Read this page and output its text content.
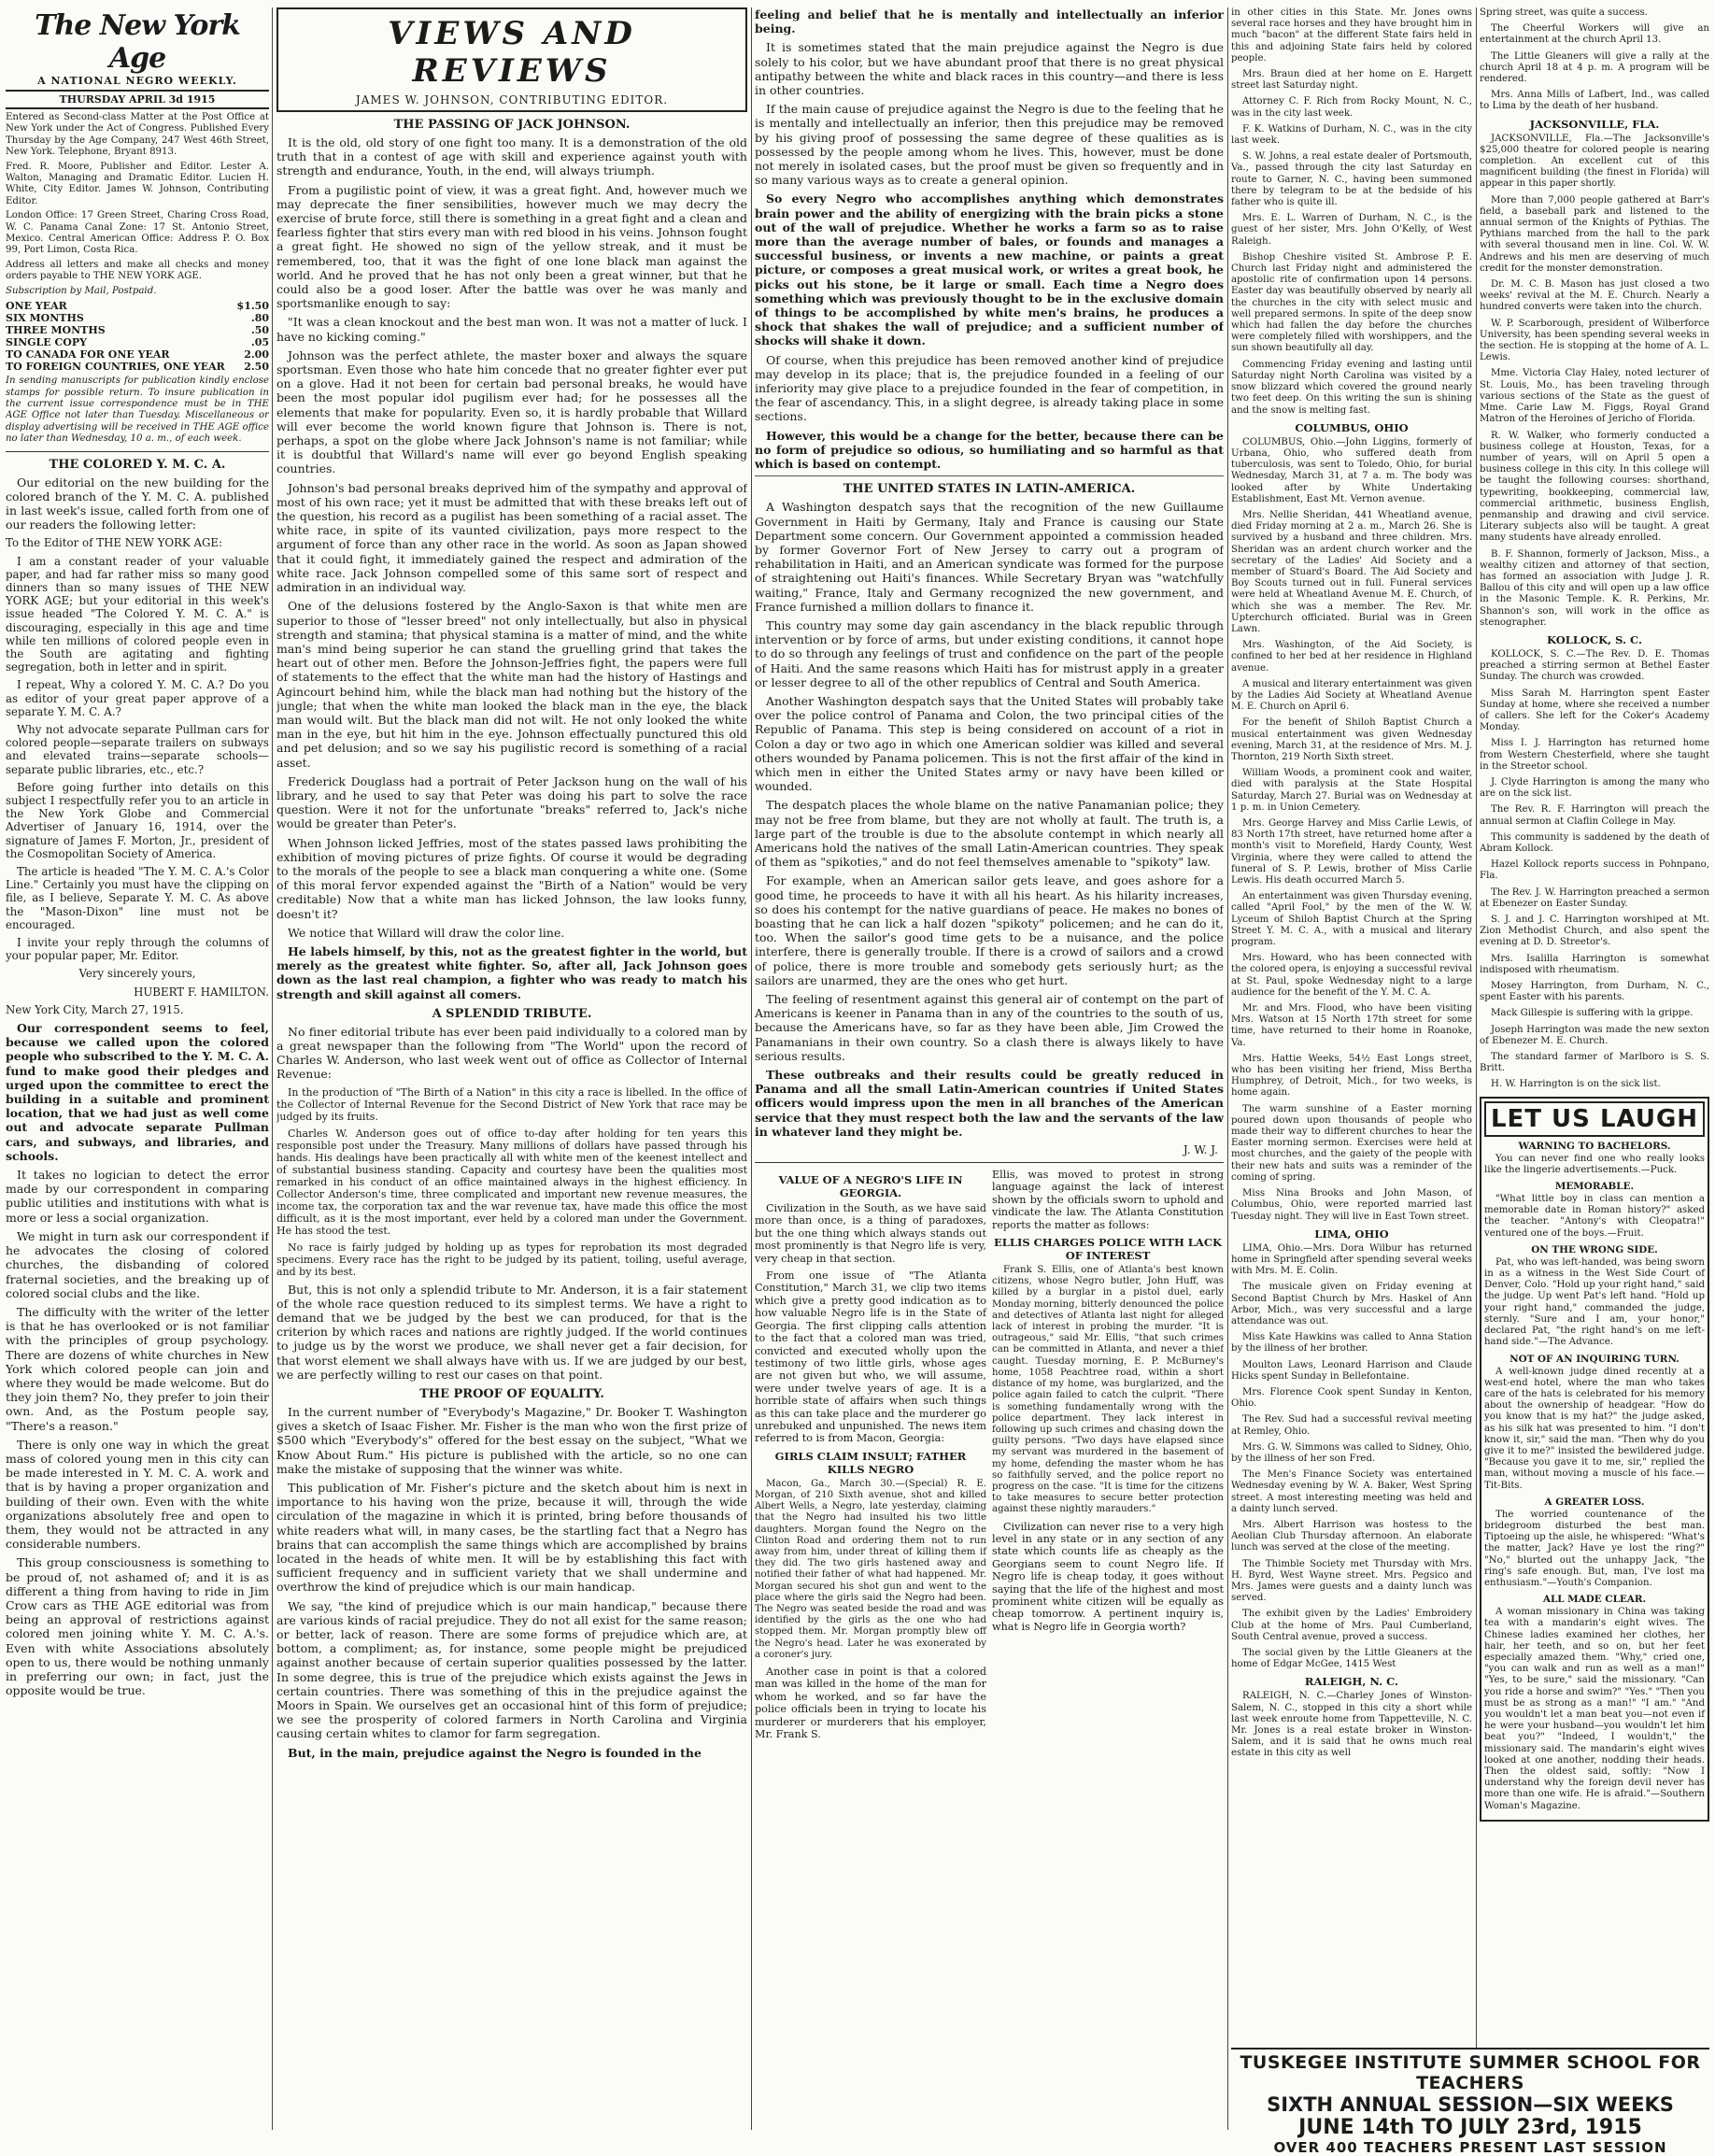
The New York Age
A NATIONAL NEGRO WEEKLY.
THURSDAY APRIL 3d 1915
Entered as Second-class Matter at the Post Office at New York under the Act of Congress. Published Every Thursday by the Age Company, 247 West 46th Street, New York. Telephone, Bryant 8913.
Fred. R. Moore, Publisher and Editor. Lester A. Walton, Managing and Dramatic Editor. Lucien H. White, City Editor. James W. Johnson, Contributing Editor.
London Office: 17 Green Street, Charing Cross Road, W. C. Panama Canal Zone: 17 St. Antonio Street, Mexico. Central American Office: Address P. O. Box 99, Port Limon, Costa Rica.
Address all letters and make all checks and money orders payable to THE NEW YORK AGE.
Subscription by Mail, Postpaid.
ONE YEAR	$1.50
SIX MONTHS	.80
THREE MONTHS	.50
SINGLE COPY	.05
TO CANADA FOR ONE YEAR	2.00
TO FOREIGN COUNTRIES, ONE YEAR	2.50
In sending manuscripts for publication kindly enclose stamps for possible return. To insure publication in the current issue correspondence must be in THE AGE Office not later than Tuesday. Miscellaneous or display advertising will be received in THE AGE office no later than Wednesday, 10 a. m., of each week.
THE COLORED Y. M. C. A.

Our editorial on the new building for the colored branch of the Y. M. C. A. published in last week's issue, called forth from one of our readers the following letter:

To the Editor of THE NEW YORK AGE:

I am a constant reader of your valuable paper, and had far rather miss so many good dinners than so many issues of THE NEW YORK AGE; but your editorial in this week's issue headed "The Colored Y. M. C. A." is discouraging, especially in this age and time while ten millions of colored people even in the South are agitating and fighting segregation, both in letter and in spirit.

I repeat, Why a colored Y. M. C. A.? Do you as editor of your great paper approve of a separate Y. M. C. A.?

Why not advocate separate Pullman cars for colored people—separate trailers on subways and elevated trains—separate schools—separate public libraries, etc., etc.?

Before going further into details on this subject I respectfully refer you to an article in the New York Globe and Commercial Advertiser of January 16, 1914, over the signature of James F. Morton, Jr., president of the Cosmopolitan Society of America.

The article is headed "The Y. M. C. A.'s Color Line." Certainly you must have the clipping on file, as I believe, Separate Y. M. C. As above the "Mason-Dixon" line must not be encouraged.

I invite your reply through the columns of your popular paper, Mr. Editor.

Very sincerely yours,

HUBERT F. HAMILTON.

New York City, March 27, 1915.

Our correspondent seems to feel, because we called upon the colored people who subscribed to the Y. M. C. A. fund to make good their pledges and urged upon the committee to erect the building in a suitable and prominent location, that we had just as well come out and advocate separate Pullman cars, and subways, and libraries, and schools.

It takes no logician to detect the error made by our correspondent in comparing public utilities and institutions with what is more or less a social organization.

We might in turn ask our correspondent if he advocates the closing of colored churches, the disbanding of colored fraternal societies, and the breaking up of colored social clubs and the like.

The difficulty with the writer of the letter is that he has overlooked or is not familiar with the principles of group psychology. There are dozens of white churches in New York which colored people can join and where they would be made welcome. But do they join them? No, they prefer to join their own. And, as the Postum people say, "There's a reason."

There is only one way in which the great mass of colored young men in this city can be made interested in Y. M. C. A. work and that is by having a proper organization and building of their own. Even with the white organizations absolutely free and open to them, they would not be attracted in any considerable numbers.

This group consciousness is something to be proud of, not ashamed of; and it is as different a thing from having to ride in Jim Crow cars as THE AGE editorial was from being an approval of restrictions against colored men joining white Y. M. C. A.'s. Even with white Associations absolutely open to us, there would be nothing unmanly in preferring our own; in fact, just the opposite would be true.

VIEWS AND REVIEWS
JAMES W. JOHNSON, CONTRIBUTING EDITOR.
THE PASSING OF JACK JOHNSON.

It is the old, old story of one fight too many. It is a demonstration of the old truth that in a contest of age with skill and experience against youth with strength and endurance, Youth, in the end, will always triumph.

From a pugilistic point of view, it was a great fight. And, however much we may deprecate the finer sensibilities, however much we may decry the exercise of brute force, still there is something in a great fight and a clean and fearless fighter that stirs every man with red blood in his veins. Johnson fought a great fight. He showed no sign of the yellow streak, and it must be remembered, too, that it was the fight of one lone black man against the world. And he proved that he has not only been a great winner, but that he could also be a good loser. After the battle was over he was manly and sportsmanlike enough to say:

"It was a clean knockout and the best man won. It was not a matter of luck. I have no kicking coming."

Johnson was the perfect athlete, the master boxer and always the square sportsman. Even those who hate him concede that no greater fighter ever put on a glove. Had it not been for certain bad personal breaks, he would have been the most popular idol pugilism ever had; for he possesses all the elements that make for popularity. Even so, it is hardly probable that Willard will ever become the world known figure that Johnson is. There is not, perhaps, a spot on the globe where Jack Johnson's name is not familiar; while it is doubtful that Willard's name will ever go beyond English speaking countries.

Johnson's bad personal breaks deprived him of the sympathy and approval of most of his own race; yet it must be admitted that with these breaks left out of the question, his record as a pugilist has been something of a racial asset. The white race, in spite of its vaunted civilization, pays more respect to the argument of force than any other race in the world. As soon as Japan showed that it could fight, it immediately gained the respect and admiration of the white race. Jack Johnson compelled some of this same sort of respect and admiration in an individual way.

One of the delusions fostered by the Anglo-Saxon is that white men are superior to those of "lesser breed" not only intellectually, but also in physical strength and stamina; that physical stamina is a matter of mind, and the white man's mind being superior he can stand the gruelling grind that takes the heart out of other men. Before the Johnson-Jeffries fight, the papers were full of statements to the effect that the white man had the history of Hastings and Agincourt behind him, while the black man had nothing but the history of the jungle; that when the white man looked the black man in the eye, the black man would wilt. But the black man did not wilt. He not only looked the white man in the eye, but hit him in the eye. Johnson effectually punctured this old and pet delusion; and so we say his pugilistic record is something of a racial asset.

Frederick Douglass had a portrait of Peter Jackson hung on the wall of his library, and he used to say that Peter was doing his part to solve the race question. Were it not for the unfortunate "breaks" referred to, Jack's niche would be greater than Peter's.

When Johnson licked Jeffries, most of the states passed laws prohibiting the exhibition of moving pictures of prize fights. Of course it would be degrading to the morals of the people to see a black man conquering a white one. (Some of this moral fervor expended against the "Birth of a Nation" would be very creditable) Now that a white man has licked Johnson, the law looks funny, doesn't it?

We notice that Willard will draw the color line.

He labels himself, by this, not as the greatest fighter in the world, but merely as the greatest white fighter. So, after all, Jack Johnson goes down as the last real champion, a fighter who was ready to match his strength and skill against all comers.

A SPLENDID TRIBUTE.

No finer editorial tribute has ever been paid individually to a colored man by a great newspaper than the following from "The World" upon the record of Charles W. Anderson, who last week went out of office as Collector of Internal Revenue:

In the production of "The Birth of a Nation" in this city a race is libelled. In the office of the Collector of Internal Revenue for the Second District of New York that race may be judged by its fruits.

Charles W. Anderson goes out of office to-day after holding for ten years this responsible post under the Treasury. Many millions of dollars have passed through his hands. His dealings have been practically all with white men of the keenest intellect and of substantial business standing. Capacity and courtesy have been the qualities most remarked in his conduct of an office maintained always in the highest efficiency. In Collector Anderson's time, three complicated and important new revenue measures, the income tax, the corporation tax and the war revenue tax, have made this office the most difficult, as it is the most important, ever held by a colored man under the Government. He has stood the test.

No race is fairly judged by holding up as types for reprobation its most degraded specimens. Every race has the right to be judged by its patient, toiling, useful average, and by its best.

But, this is not only a splendid tribute to Mr. Anderson, it is a fair statement of the whole race question reduced to its simplest terms. We have a right to demand that we be judged by the best we can produced, for that is the criterion by which races and nations are rightly judged. If the world continues to judge us by the worst we produce, we shall never get a fair decision, for that worst element we shall always have with us. If we are judged by our best, we are perfectly willing to rest our cases on that point.

THE PROOF OF EQUALITY.

In the current number of "Everybody's Magazine," Dr. Booker T. Washington gives a sketch of Isaac Fisher. Mr. Fisher is the man who won the first prize of $500 which "Everybody's" offered for the best essay on the subject, "What we Know About Rum." His picture is published with the article, so no one can make the mistake of supposing that the winner was white.

This publication of Mr. Fisher's picture and the sketch about him is next in importance to his having won the prize, because it will, through the wide circulation of the magazine in which it is printed, bring before thousands of white readers what will, in many cases, be the startling fact that a Negro has brains that can accomplish the same things which are accomplished by brains located in the heads of white men. It will be by establishing this fact with sufficient frequency and in sufficient variety that we shall undermine and overthrow the kind of prejudice which is our main handicap.

We say, "the kind of prejudice which is our main handicap," because there are various kinds of racial prejudice. They do not all exist for the same reason; or better, lack of reason. There are some forms of prejudice which are, at bottom, a compliment; as, for instance, some people might be prejudiced against another because of certain superior qualities possessed by the latter. In some degree, this is true of the prejudice which exists against the Jews in certain countries. There was something of this in the prejudice against the Moors in Spain. We ourselves get an occasional hint of this form of prejudice; we see the prosperity of colored farmers in North Carolina and Virginia causing certain whites to clamor for farm segregation.

But, in the main, prejudice against the Negro is founded in the

feeling and belief that he is mentally and intellectually an inferior being.

It is sometimes stated that the main prejudice against the Negro is due solely to his color, but we have abundant proof that there is no great physical antipathy between the white and black races in this country—and there is less in other countries.

If the main cause of prejudice against the Negro is due to the feeling that he is mentally and intellectually an inferior, then this prejudice may be removed by his giving proof of possessing the same degree of these qualities as is possessed by the people among whom he lives. This, however, must be done not merely in isolated cases, but the proof must be given so frequently and in so many various ways as to create a general opinion.

So every Negro who accomplishes anything which demonstrates brain power and the ability of energizing with the brain picks a stone out of the wall of prejudice. Whether he works a farm so as to raise more than the average number of bales, or founds and manages a successful business, or invents a new machine, or paints a great picture, or composes a great musical work, or writes a great book, he picks out his stone, be it large or small. Each time a Negro does something which was previously thought to be in the exclusive domain of things to be accomplished by white men's brains, he produces a shock that shakes the wall of prejudice; and a sufficient number of shocks will shake it down.

Of course, when this prejudice has been removed another kind of prejudice may develop in its place; that is, the prejudice founded in a feeling of our inferiority may give place to a prejudice founded in the fear of competition, in the fear of ascendancy. This, in a slight degree, is already taking place in some sections.

However, this would be a change for the better, because there can be no form of prejudice so odious, so humiliating and so harmful as that which is based on contempt.

THE UNITED STATES IN LATIN-AMERICA.

A Washington despatch says that the recognition of the new Guillaume Government in Haiti by Germany, Italy and France is causing our State Department some concern. Our Government appointed a commission headed by former Governor Fort of New Jersey to carry out a program of rehabilitation in Haiti, and an American syndicate was formed for the purpose of straightening out Haiti's finances. While Secretary Bryan was "watchfully waiting," France, Italy and Germany recognized the new government, and France furnished a million dollars to finance it.

This country may some day gain ascendancy in the black republic through intervention or by force of arms, but under existing conditions, it cannot hope to do so through any feelings of trust and confidence on the part of the people of Haiti. And the same reasons which Haiti has for mistrust apply in a greater or lesser degree to all of the other republics of Central and South America.

Another Washington despatch says that the United States will probably take over the police control of Panama and Colon, the two principal cities of the Republic of Panama. This step is being considered on account of a riot in Colon a day or two ago in which one American soldier was killed and several others wounded by Panama policemen. This is not the first affair of the kind in which men in either the United States army or navy have been killed or wounded.

The despatch places the whole blame on the native Panamanian police; they may not be free from blame, but they are not wholly at fault. The truth is, a large part of the trouble is due to the absolute contempt in which nearly all Americans hold the natives of the small Latin-American countries. They speak of them as "spikoties," and do not feel themselves amenable to "spikoty" law.

For example, when an American sailor gets leave, and goes ashore for a good time, he proceeds to have it with all his heart. As his hilarity increases, so does his contempt for the native guardians of peace. He makes no bones of boasting that he can lick a half dozen "spikoty" policemen; and he can do it, too. When the sailor's good time gets to be a nuisance, and the police interfere, there is generally trouble. If there is a crowd of sailors and a crowd of police, there is more trouble and somebody gets seriously hurt; as the sailors are unarmed, they are the ones who get hurt.

The feeling of resentment against this general air of contempt on the part of Americans is keener in Panama than in any of the countries to the south of us, because the Americans have, so far as they have been able, Jim Crowed the Panamanians in their own country. So a clash there is always likely to have serious results.

These outbreaks and their results could be greatly reduced in Panama and all the small Latin-American countries if United States officers would impress upon the men in all branches of the American service that they must respect both the law and the servants of the law in whatever land they might be.

J. W. J.
VALUE OF A NEGRO'S LIFE IN GEORGIA.

Civilization in the South, as we have said more than once, is a thing of paradoxes, but the one thing which always stands out most prominently is that Negro life is very, very cheap in that section.

From one issue of "The Atlanta Constitution," March 31, we clip two items which give a pretty good indication as to how valuable Negro life is in the State of Georgia. The first clipping calls attention to the fact that a colored man was tried, convicted and executed wholly upon the testimony of two little girls, whose ages are not given but who, we will assume, were under twelve years of age. It is a horrible state of affairs when such things as this can take place and the murderer go unrebuked and unpunished. The news item referred to is from Macon, Georgia:

GIRLS CLAIM INSULT; FATHER KILLS NEGRO

Macon, Ga., March 30.—(Special) R. E. Morgan, of 210 Sixth avenue, shot and killed Albert Wells, a Negro, late yesterday, claiming that the Negro had insulted his two little daughters. Morgan found the Negro on the Clinton Road and ordering them not to run away from him, under threat of killing them if they did. The two girls hastened away and notified their father of what had happened. Mr. Morgan secured his shot gun and went to the place where the girls said the Negro had been. The Negro was seated beside the road and was identified by the girls as the one who had stopped them. Mr. Morgan promptly blew off the Negro's head. Later he was exonerated by a coroner's jury.

Another case in point is that a colored man was killed in the home of the man for whom he worked, and so far have the police officials been in trying to locate his murderer or murderers that his employer, Mr. Frank S.

Ellis, was moved to protest in strong language against the lack of interest shown by the officials sworn to uphold and vindicate the law. The Atlanta Constitution reports the matter as follows:

ELLIS CHARGES POLICE WITH LACK OF INTEREST

Frank S. Ellis, one of Atlanta's best known citizens, whose Negro butler, John Huff, was killed by a burglar in a pistol duel, early Monday morning, bitterly denounced the police and detectives of Atlanta last night for alleged lack of interest in probing the murder. "It is outrageous," said Mr. Ellis, "that such crimes can be committed in Atlanta, and never a thief caught. Tuesday morning, E. P. McBurney's home, 1058 Peachtree road, within a short distance of my home, was burglarized, and the police again failed to catch the culprit. "There is something fundamentally wrong with the police department. They lack interest in following up such crimes and chasing down the guilty persons. "Two days have elapsed since my servant was murdered in the basement of my home, defending the master whom he has so faithfully served, and the police report no progress on the case. "It is time for the citizens to take measures to secure better protection against these nightly marauders."

Civilization can never rise to a very high level in any state or in any section of any state which counts life as cheaply as the Georgians seem to count Negro life. If Negro life is cheap today, it goes without saying that the life of the highest and most prominent white citizen will be equally as cheap tomorrow. A pertinent inquiry is, what is Negro life in Georgia worth?

in other cities in this State. Mr. Jones owns several race horses and they have brought him in much "bacon" at the different State fairs held in this and adjoining State fairs held by colored people.

Mrs. Braun died at her home on E. Hargett street last Saturday night.

Attorney C. F. Rich from Rocky Mount, N. C., was in the city last week.

F. K. Watkins of Durham, N. C., was in the city last week.

S. W. Johns, a real estate dealer of Portsmouth, Va., passed through the city last Saturday en route to Garner, N. C., having been summoned there by telegram to be at the bedside of his father who is quite ill.

Mrs. E. L. Warren of Durham, N. C., is the guest of her sister, Mrs. John O'Kelly, of West Raleigh.

Bishop Cheshire visited St. Ambrose P. E. Church last Friday night and administered the apostolic rite of confirmation upon 14 persons. Easter day was beautifully observed by nearly all the churches in the city with select music and well prepared sermons. In spite of the deep snow which had fallen the day before the churches were completely filled with worshippers, and the sun shown beautifully all day.

Commencing Friday evening and lasting until Saturday night North Carolina was visited by a snow blizzard which covered the ground nearly two feet deep. On this writing the sun is shining and the snow is melting fast.

COLUMBUS, OHIO

COLUMBUS, Ohio.—John Liggins, formerly of Urbana, Ohio, who suffered death from tuberculosis, was sent to Toledo, Ohio, for burial Wednesday, March 31, at 7 a. m. The body was looked after by White Undertaking Establishment, East Mt. Vernon avenue.

Mrs. Nellie Sheridan, 441 Wheatland avenue, died Friday morning at 2 a. m., March 26. She is survived by a husband and three children. Mrs. Sheridan was an ardent church worker and the secretary of the Ladies' Aid Society and a member of Stuard's Board. The Aid Society and Boy Scouts turned out in full. Funeral services were held at Wheatland Avenue M. E. Church, of which she was a member. The Rev. Mr. Upterchurch officiated. Burial was in Green Lawn.

Mrs. Washington, of the Aid Society, is confined to her bed at her residence in Highland avenue.

A musical and literary entertainment was given by the Ladies Aid Society at Wheatland Avenue M. E. Church on April 6.

For the benefit of Shiloh Baptist Church a musical entertainment was given Wednesday evening, March 31, at the residence of Mrs. M. J. Thornton, 219 North Sixth street.

William Woods, a prominent cook and waiter, died with paralysis at the State Hospital Saturday, March 27. Burial was on Wednesday at 1 p. m. in Union Cemetery.

Mrs. George Harvey and Miss Carlie Lewis, of 83 North 17th street, have returned home after a month's visit to Morefield, Hardy County, West Virginia, where they were called to attend the funeral of S. P. Lewis, brother of Miss Carlie Lewis. His death occurred March 5.

An entertainment was given Thursday evening, called "April Fool," by the men of the W. W. Lyceum of Shiloh Baptist Church at the Spring Street Y. M. C. A., with a musical and literary program.

Mrs. Howard, who has been connected with the colored opera, is enjoying a successful revival at St. Paul, spoke Wednesday night to a large audience for the benefit of the Y. M. C. A.

Mr. and Mrs. Flood, who have been visiting Mrs. Watson at 15 North 17th street for some time, have returned to their home in Roanoke, Va.

Mrs. Hattie Weeks, 54½ East Longs street, who has been visiting her friend, Miss Bertha Humphrey, of Detroit, Mich., for two weeks, is home again.

The warm sunshine of a Easter morning poured down upon thousands of people who made their way to different churches to hear the Easter morning sermon. Exercises were held at most churches, and the gaiety of the people with their new hats and suits was a reminder of the coming of spring.

Miss Nina Brooks and John Mason, of Columbus, Ohio, were reported married last Tuesday night. They will live in East Town street.

LIMA, OHIO

LIMA, Ohio.—Mrs. Dora Wilbur has returned home in Springfield after spending several weeks with Mrs. M. E. Colin.

The musicale given on Friday evening at Second Baptist Church by Mrs. Haskel of Ann Arbor, Mich., was very successful and a large attendance was out.

Miss Kate Hawkins was called to Anna Station by the illness of her brother.

Moulton Laws, Leonard Harrison and Claude Hicks spent Sunday in Bellefontaine.

Mrs. Florence Cook spent Sunday in Kenton, Ohio.

The Rev. Sud had a successful revival meeting at Remley, Ohio.

Mrs. G. W. Simmons was called to Sidney, Ohio, by the illness of her son Fred.

The Men's Finance Society was entertained Wednesday evening by W. A. Baker, West Spring street. A most interesting meeting was held and a dainty lunch served.

Mrs. Albert Harrison was hostess to the Aeolian Club Thursday afternoon. An elaborate lunch was served at the close of the meeting.

The Thimble Society met Thursday with Mrs. H. Byrd, West Wayne street. Mrs. Pegsico and Mrs. James were guests and a dainty lunch was served.

The exhibit given by the Ladies' Embroidery Club at the home of Mrs. Paul Cumberland, South Central avenue, proved a success.

The social given by the Little Gleaners at the home of Edgar McGee, 1415 West

RALEIGH, N. C.

RALEIGH, N. C.—Charley Jones of Winston-Salem, N. C., stopped in this city a short while last week enroute home from Tappetteville, N. C. Mr. Jones is a real estate broker in Winston-Salem, and it is said that he owns much real estate in this city as well

Spring street, was quite a success.

The Cheerful Workers will give an entertainment at the church April 13.

The Little Gleaners will give a rally at the church April 18 at 4 p. m. A program will be rendered.

Mrs. Anna Mills of Lafbert, Ind., was called to Lima by the death of her husband.

JACKSONVILLE, FLA.

JACKSONVILLE, Fla.—The Jacksonville's $25,000 theatre for colored people is nearing completion. An excellent cut of this magnificent building (the finest in Florida) will appear in this paper shortly.

More than 7,000 people gathered at Barr's field, a baseball park and listened to the annual sermon of the Knights of Pythias. The Pythians marched from the hall to the park with several thousand men in line. Col. W. W. Andrews and his men are deserving of much credit for the monster demonstration.

Dr. M. C. B. Mason has just closed a two weeks' revival at the M. E. Church. Nearly a hundred converts were taken into the church.

W. P. Scarborough, president of Wilberforce University, has been spending several weeks in the section. He is stopping at the home of A. L. Lewis.

Mme. Victoria Clay Haley, noted lecturer of St. Louis, Mo., has been traveling through various sections of the State as the guest of Mme. Carie Law M. Figgs, Royal Grand Matron of the Heroines of Jericho of Florida.

R. W. Walker, who formerly conducted a business college at Houston, Texas, for a number of years, will on April 5 open a business college in this city. In this college will be taught the following courses: shorthand, typewriting, bookkeeping, commercial law, commercial arithmetic, business English, penmanship and drawing and civil service. Literary subjects also will be taught. A great many students have already enrolled.

B. F. Shannon, formerly of Jackson, Miss., a wealthy citizen and attorney of that section, has formed an association with Judge J. R. Ballou of this city and will open up a law office in the Masonic Temple. K. R. Perkins, Mr. Shannon's son, will work in the office as stenographer.

KOLLOCK, S. C.

KOLLOCK, S. C.—The Rev. D. E. Thomas preached a stirring sermon at Bethel Easter Sunday. The church was crowded.

Miss Sarah M. Harrington spent Easter Sunday at home, where she received a number of callers. She left for the Coker's Academy Monday.

Miss I. J. Harrington has returned home from Western Chesterfield, where she taught in the Streetor school.

J. Clyde Harrington is among the many who are on the sick list.

The Rev. R. F. Harrington will preach the annual sermon at Claflin College in May.

This community is saddened by the death of Abram Kollock.

Hazel Kollock reports success in Pohnpano, Fla.

The Rev. J. W. Harrington preached a sermon at Ebenezer on Easter Sunday.

S. J. and J. C. Harrington worshiped at Mt. Zion Methodist Church, and also spent the evening at D. D. Streetor's.

Mrs. Isalilla Harrington is somewhat indisposed with rheumatism.

Mosey Harrington, from Durham, N. C., spent Easter with his parents.

Mack Gillespie is suffering with la grippe.

Joseph Harrington was made the new sexton of Ebenezer M. E. Church.

The standard farmer of Marlboro is S. S. Britt.

H. W. Harrington is on the sick list.

LET US LAUGH
WARNING TO BACHELORS.

You can never find one who really looks like the lingerie advertisements.—Puck.

MEMORABLE.

"What little boy in class can mention a memorable date in Roman history?" asked the teacher. "Antony's with Cleopatra!" ventured one of the boys.—Fruit.

ON THE WRONG SIDE.

Pat, who was left-handed, was being sworn in as a witness in the West Side Court of Denver, Colo. "Hold up your right hand," said the judge. Up went Pat's left hand. "Hold up your right hand," commanded the judge, sternly. "Sure and I am, your honor," declared Pat, "the right hand's on me left-hand side."—The Advance.

NOT OF AN INQUIRING TURN.

A well-known judge dined recently at a west-end hotel, where the man who takes care of the hats is celebrated for his memory about the ownership of headgear. "How do you know that is my hat?" the judge asked, as his silk hat was presented to him. "I don't know it, sir," said the man. "Then why do you give it to me?" insisted the bewildered judge. "Because you gave it to me, sir," replied the man, without moving a muscle of his face.—Tit-Bits.

A GREATER LOSS.

The worried countenance of the bridegroom disturbed the best man. Tiptoeing up the aisle, he whispered: "What's the matter, Jack? Have ye lost the ring?" "No," blurted out the unhappy Jack, "the ring's safe enough. But, man, I've lost ma enthusiasm."—Youth's Companion.

ALL MADE CLEAR.

A woman missionary in China was taking tea with a mandarin's eight wives. The Chinese ladies examined her clothes, her hair, her teeth, and so on, but her feet especially amazed them. "Why," cried one, "you can walk and run as well as a man!" "Yes, to be sure," said the missionary. "Can you ride a horse and swim?" "Yes." "Then you must be as strong as a man!" "I am." "And you wouldn't let a man beat you—not even if he were your husband—you wouldn't let him beat you?" "Indeed, I wouldn't," the missionary said. The mandarin's eight wives looked at one another, nodding their heads. Then the oldest said, softly: "Now I understand why the foreign devil never has more than one wife. He is afraid."—Southern Woman's Magazine.

TUSKEGEE INSTITUTE SUMMER SCHOOL FOR TEACHERS
SIXTH ANNUAL SESSION—SIX WEEKS
JUNE 14th TO JULY 23rd, 1915
OVER 400 TEACHERS PRESENT LAST SESSION
